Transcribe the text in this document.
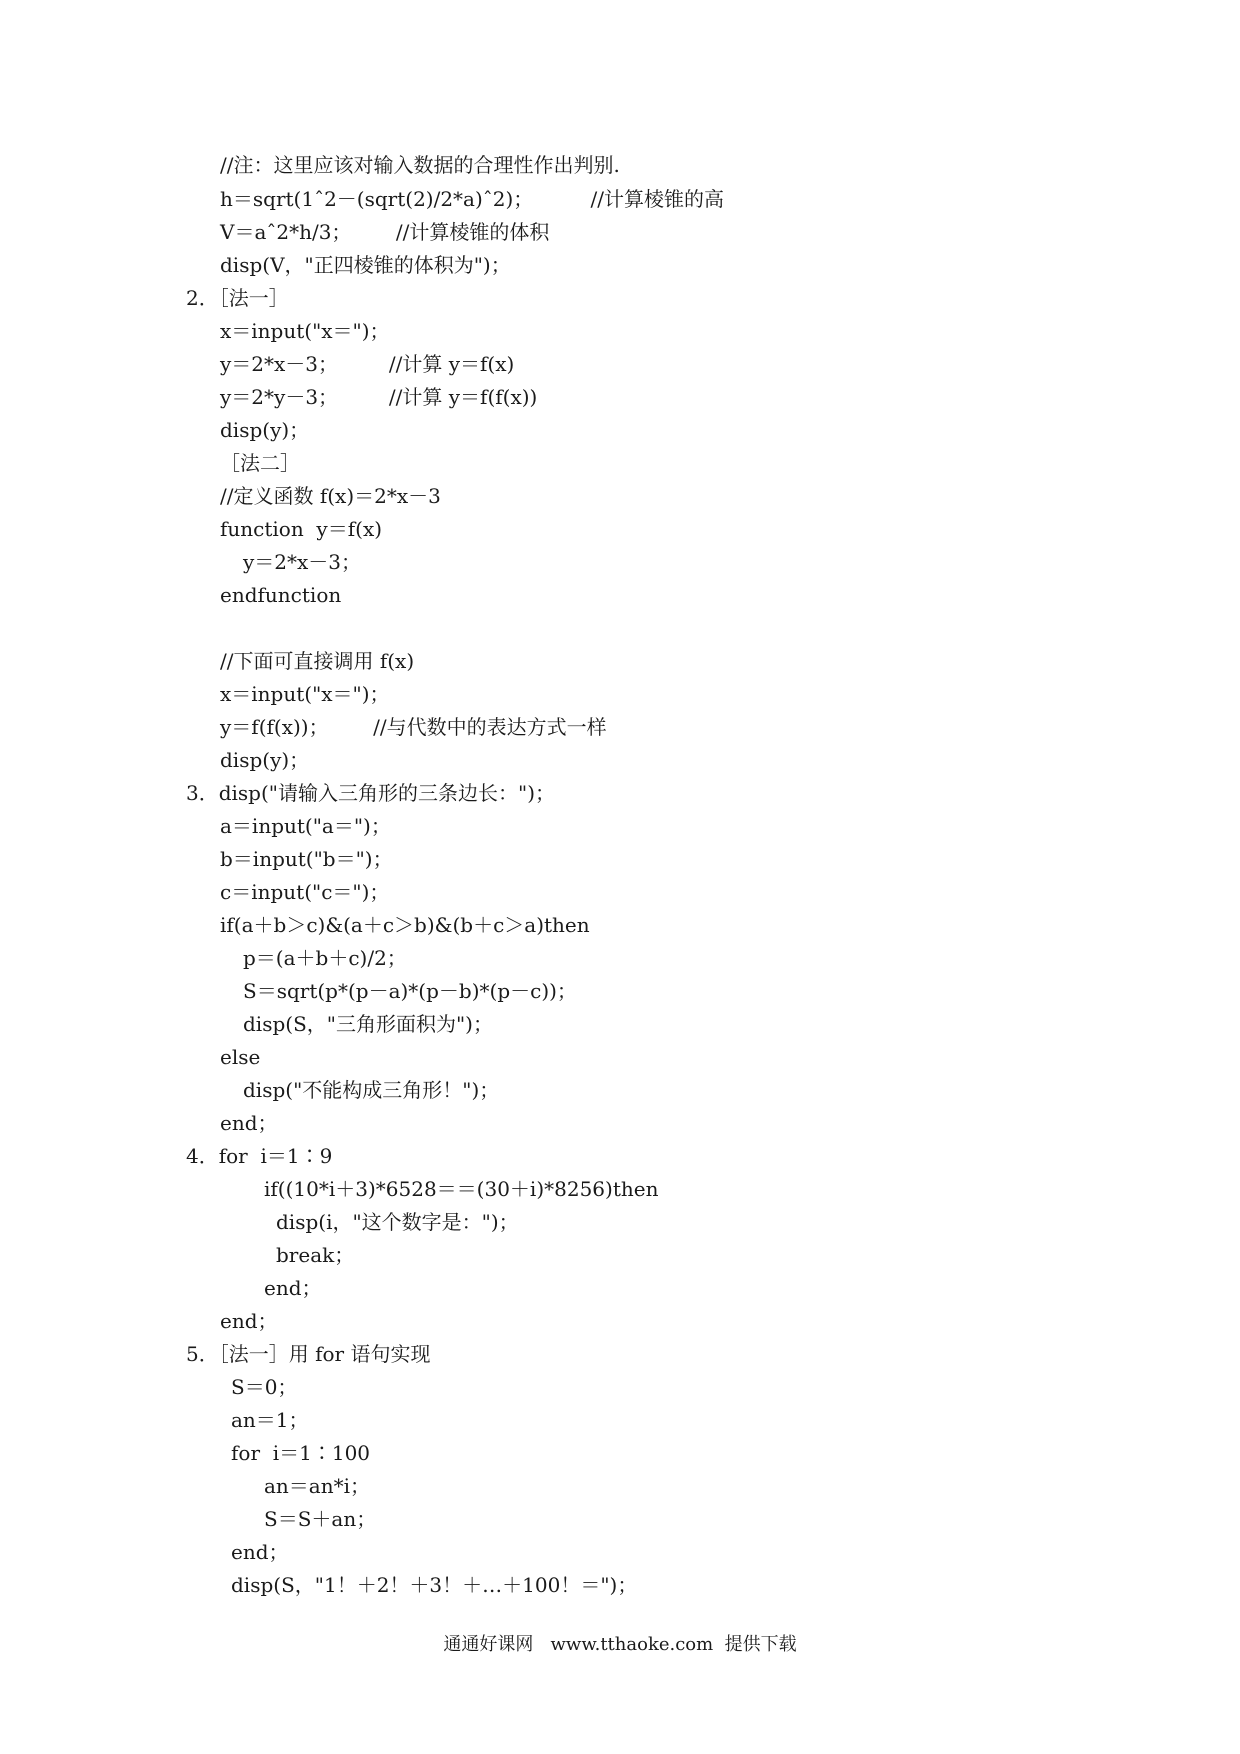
//注：这里应该对输入数据的合理性作出判别.
h＝sqrt(1ˆ2－(sqrt(2)/2*a)ˆ2)；         //计算棱锥的高
V＝aˆ2*h/3；       //计算棱锥的体积
disp(V，"正四棱锥的体积为")；
2．［法一］
x＝input("x＝")；
y＝2*x－3；        //计算 y＝f(x)
y＝2*y－3；        //计算 y＝f(f(x))
disp(y)；
［法二］
//定义函数 f(x)＝2*x－3
function  y＝f(x)
y＝2*x－3；
endfunction
//下面可直接调用 f(x)
x＝input("x＝")；
y＝f(f(x))；       //与代数中的表达方式一样
disp(y)；
3．disp("请输入三角形的三条边长：")；
a＝input("a＝")；
b＝input("b＝")；
c＝input("c＝")；
if(a＋b＞c)&(a＋c＞b)&(b＋c＞a)then
p＝(a＋b＋c)/2；
S＝sqrt(p*(p－a)*(p－b)*(p－c))；
disp(S，"三角形面积为")；
else
disp("不能构成三角形！")；
end；
4．for  i＝1∶9
if((10*i＋3)*6528＝＝(30＋i)*8256)then
disp(i，"这个数字是：")；
break；
end；
end；
5．［法一］用 for 语句实现
S＝0；
an＝1；
for  i＝1∶100
an＝an*i；
S＝S＋an；
end；
disp(S，"1！＋2！＋3！＋…＋100！＝")；
通通好课网   www.tthaoke.com  提供下载
